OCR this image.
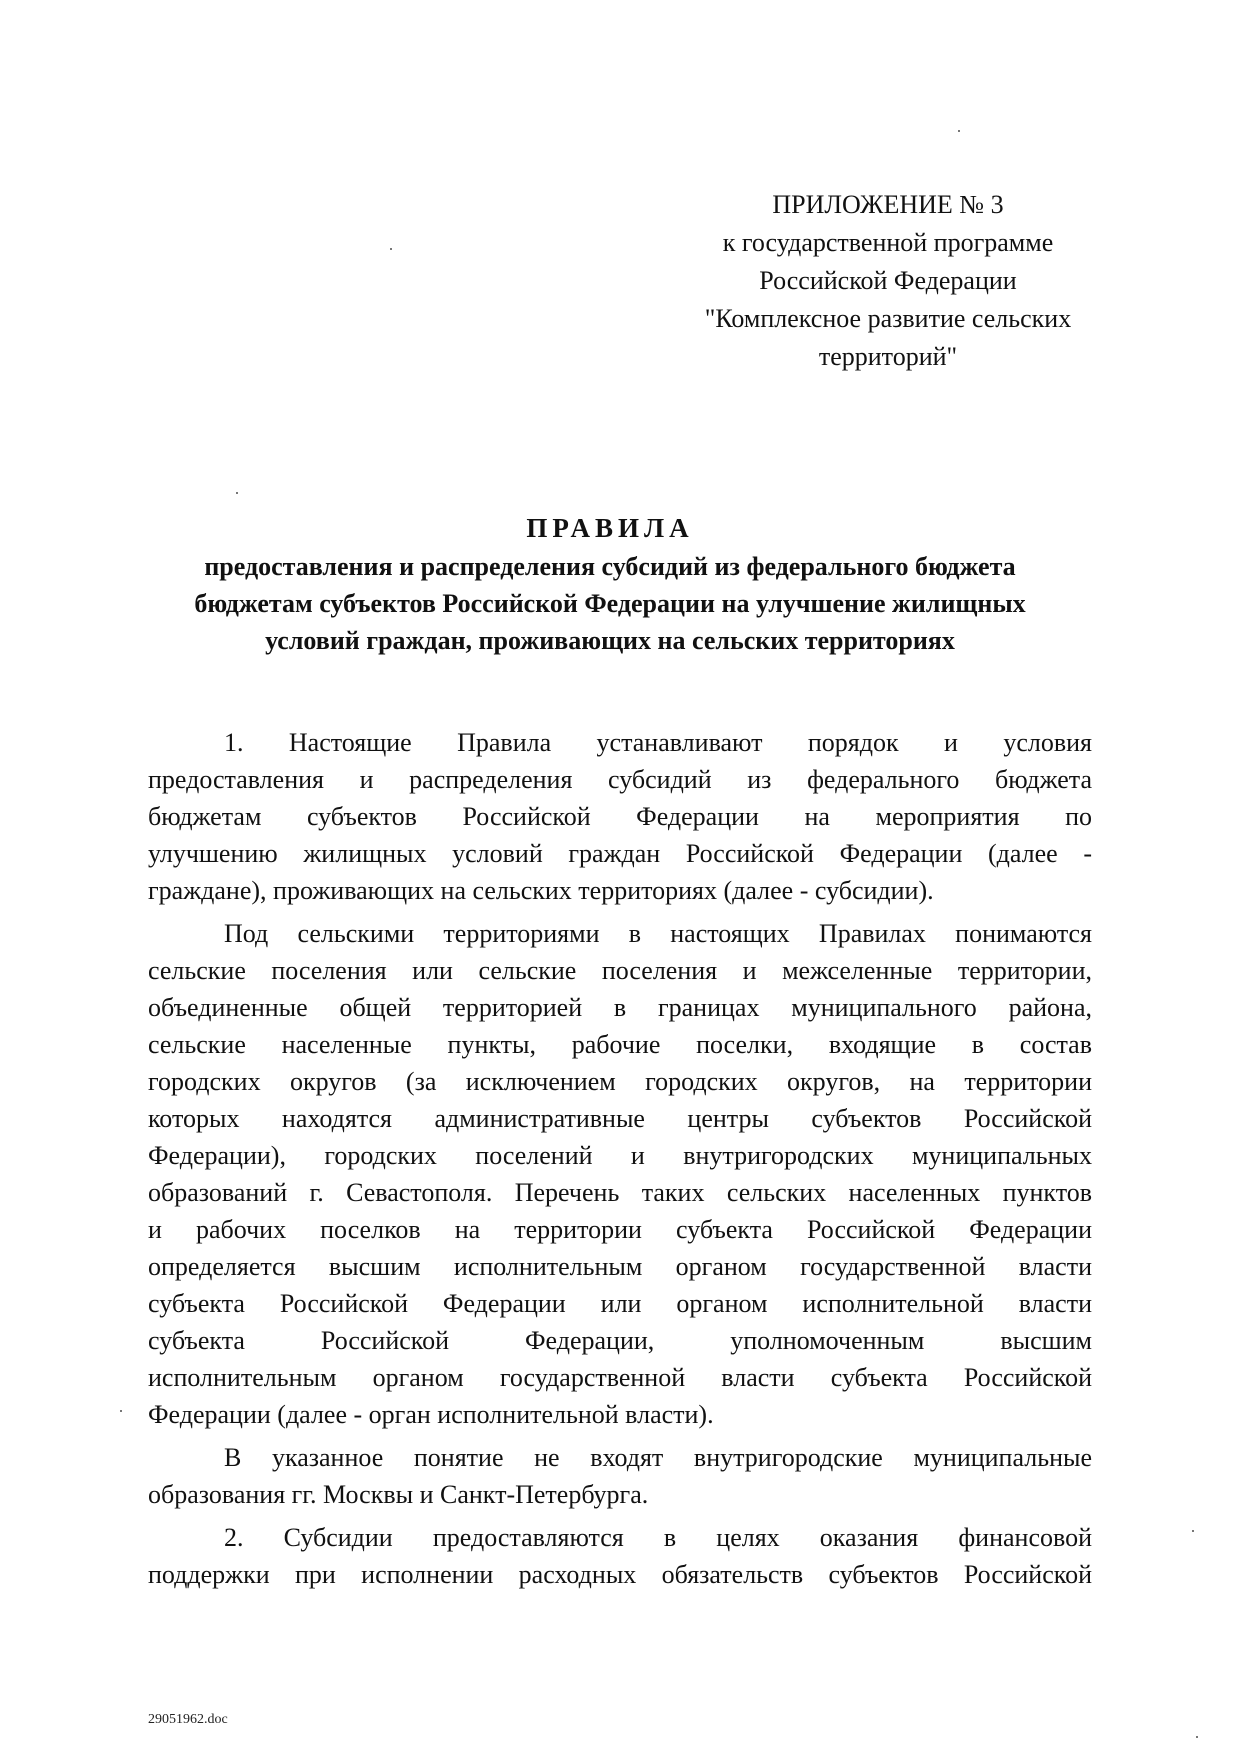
ПРИЛОЖЕНИЕ № 3
к государственной программе
Российской Федерации
"Комплексное развитие сельских
территорий"
ПРАВИЛА
предоставления и распределения субсидий из федерального бюджета
бюджетам субъектов Российской Федерации на улучшение жилищных
условий граждан, проживающих на сельских территориях
1. Настоящие Правила устанавливают порядок и условия
предоставления и распределения субсидий из федерального бюджета
бюджетам субъектов Российской Федерации на мероприятия по
улучшению жилищных условий граждан Российской Федерации (далее -
граждане), проживающих на сельских территориях (далее - субсидии).
Под сельскими территориями в настоящих Правилах понимаются
сельские поселения или сельские поселения и межселенные территории,
объединенные общей территорией в границах муниципального района,
сельские населенные пункты, рабочие поселки, входящие в состав
городских округов (за исключением городских округов, на территории
которых находятся административные центры субъектов Российской
Федерации), городских поселений и внутригородских муниципальных
образований г. Севастополя. Перечень таких сельских населенных пунктов
и рабочих поселков на территории субъекта Российской Федерации
определяется высшим исполнительным органом государственной власти
субъекта Российской Федерации или органом исполнительной власти
субъекта Российской Федерации, уполномоченным высшим
исполнительным органом государственной власти субъекта Российской
Федерации (далее - орган исполнительной власти).
В указанное понятие не входят внутригородские муниципальные
образования гг. Москвы и Санкт-Петербурга.
2. Субсидии предоставляются в целях оказания финансовой
поддержки при исполнении расходных обязательств субъектов Российской
29051962.doc
